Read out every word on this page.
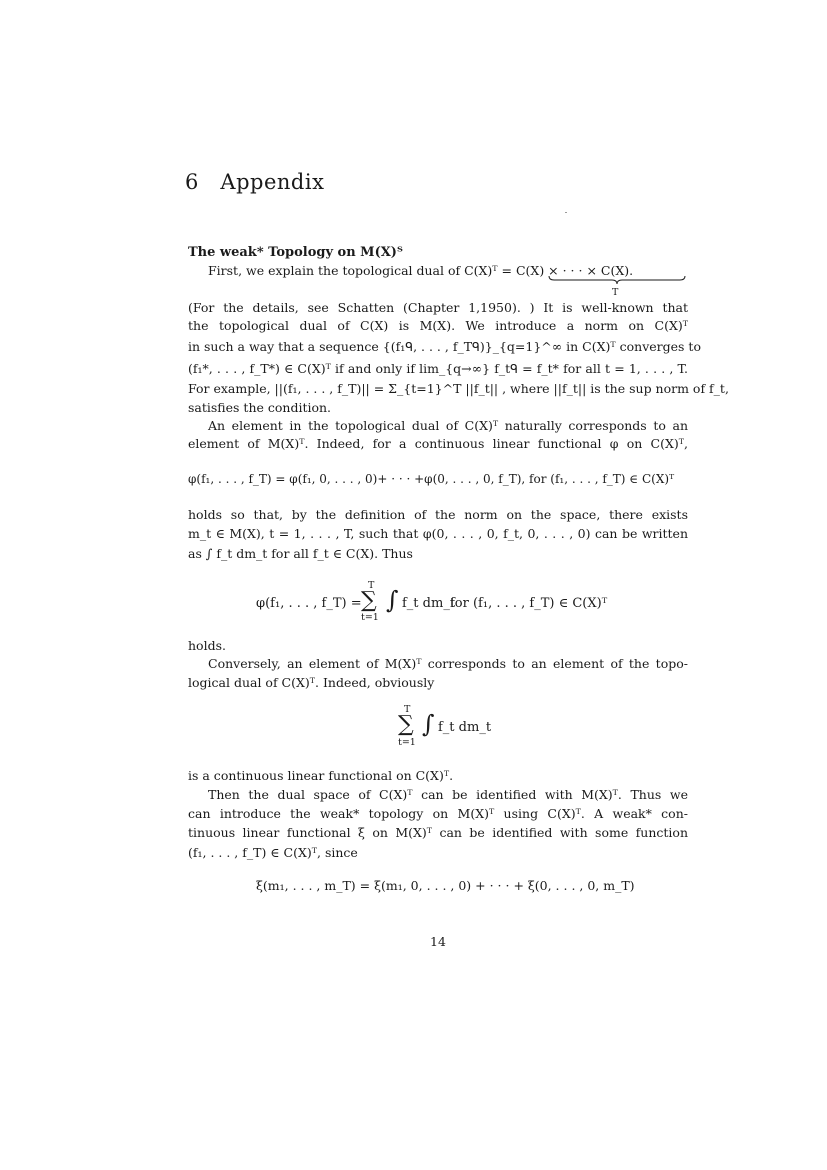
6 Appendix
The weak* Topology on M(X)ᵀ
First, we explain the topological dual of C(X)ᵀ = C(X) × · · · × C(X).
T
(For the details, see Schatten (Chapter 1,1950). ) It is well-known that
the topological dual of C(X) is M(X). We introduce a norm on C(X)ᵀ
in such a way that a sequence {(f₁ᑫ, . . . , f_Tᑫ)}_{q=1}^∞ in C(X)ᵀ converges to
(f₁*, . . . , f_T*) ∈ C(X)ᵀ if and only if lim_{q→∞} f_tᑫ = f_t* for all t = 1, . . . , T.
For example, ||(f₁, . . . , f_T)|| = Σ_{t=1}^T ||f_t|| , where ||f_t|| is the sup norm of f_t,
satisfies the condition.
An element in the topological dual of C(X)ᵀ naturally corresponds to an
element of M(X)ᵀ. Indeed, for a continuous linear functional φ on C(X)ᵀ,
φ(f₁, . . . , f_T) = φ(f₁, 0, . . . , 0)+ · · · +φ(0, . . . , 0, f_T), for (f₁, . . . , f_T) ∈ C(X)ᵀ
holds so that, by the definition of the norm on the space, there exists
m_t ∈ M(X), t = 1, . . . , T, such that φ(0, . . . , 0, f_t, 0, . . . , 0) can be written
as ∫ f_t dm_t for all f_t ∈ C(X). Thus
φ(f₁, . . . , f_T) =
T
∑
t=1
∫ f_t dm_t
for (f₁, . . . , f_T) ∈ C(X)ᵀ
holds.
Conversely, an element of M(X)ᵀ corresponds to an element of the topo-
logical dual of C(X)ᵀ. Indeed, obviously
T
∑
t=1
∫ f_t dm_t
is a continuous linear functional on C(X)ᵀ.
Then the dual space of C(X)ᵀ can be identified with M(X)ᵀ. Thus we
can introduce the weak* topology on M(X)ᵀ using C(X)ᵀ. A weak* con-
tinuous linear functional ξ on M(X)ᵀ can be identified with some function
(f₁, . . . , f_T) ∈ C(X)ᵀ, since
ξ(m₁, . . . , m_T) = ξ(m₁, 0, . . . , 0) + · · · + ξ(0, . . . , 0, m_T)
14
